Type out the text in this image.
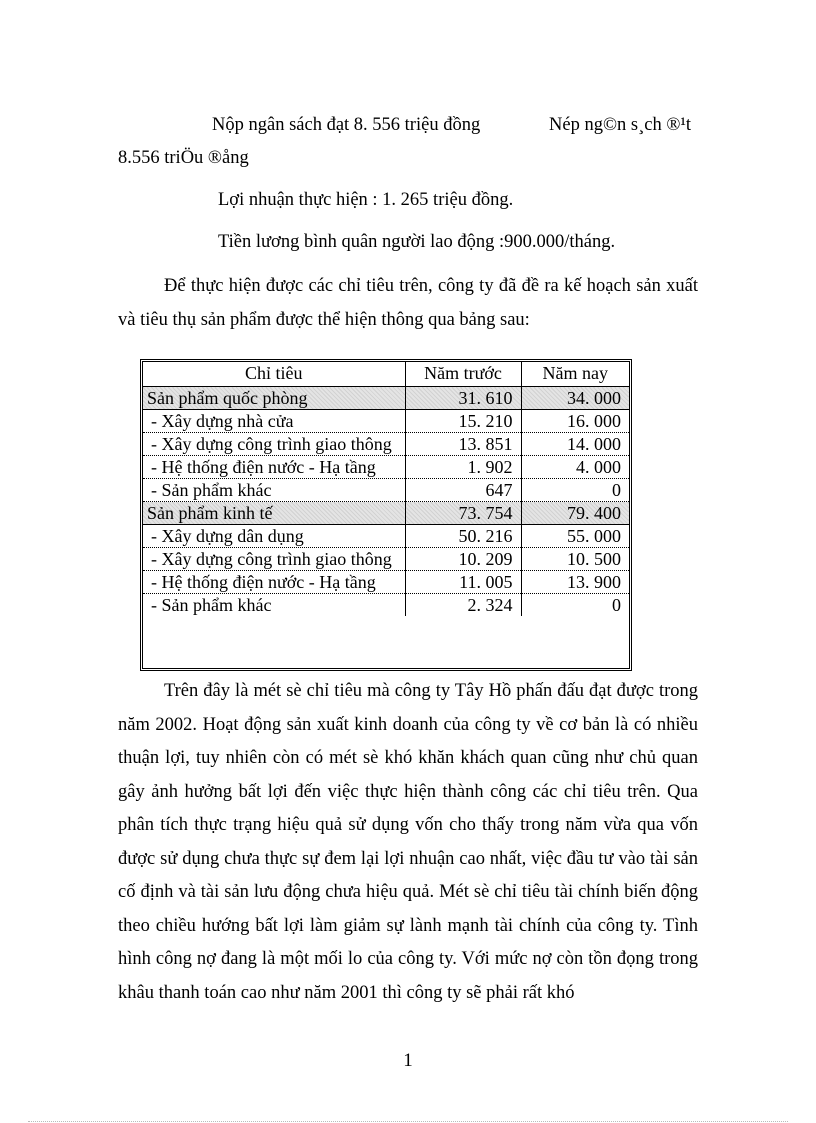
Nộp ngân sách đạt 8. 556 triệu đồng	Nép ng©n s¸ch ®¹t
8.556 triÖu ®ång
Lợi nhuận thực hiện : 1. 265 triệu đồng.
Tiền lương bình quân người lao động :900.000/tháng.

Để thực hiện được các chỉ tiêu trên, công ty đã đề ra kế hoạch sản xuất và tiêu thụ sản phẩm được thể hiện thông qua bảng sau:

Chỉ tiêu	Năm trước	Năm nay
Sản phẩm quốc phòng	31. 610	34. 000
- Xây dựng nhà cửa	15. 210	16. 000
- Xây dựng công trình giao thông	13. 851	14. 000
- Hệ thống điện nước - Hạ tầng	1. 902	4. 000
- Sản phẩm khác	647	0
Sản phẩm kinh tế	73. 754	79. 400
- Xây dựng dân dụng	50. 216	55. 000
- Xây dựng công trình giao thông	10. 209	10. 500
- Hệ thống điện nước - Hạ tầng	11. 005	13. 900
- Sản phẩm khác	2. 324	0

Trên đây là mét sè chỉ tiêu mà công ty Tây Hồ phấn đấu đạt được trong năm 2002. Hoạt động sản xuất kinh doanh của công ty về cơ bản là có nhiều thuận lợi, tuy nhiên còn có mét sè khó khăn khách quan cũng như chủ quan gây ảnh hưởng bất lợi đến việc thực hiện thành công các chỉ tiêu trên. Qua phân tích thực trạng hiệu quả sử dụng vốn cho thấy trong năm vừa qua vốn được sử dụng chưa thực sự đem lại lợi nhuận cao nhất, việc đầu tư vào tài sản cố định và tài sản lưu động chưa hiệu quả. Mét sè chỉ tiêu tài chính biến động theo chiều hướng bất lợi làm giảm sự lành mạnh tài chính của công ty. Tình hình công nợ đang là một mối lo của công ty. Với mức nợ còn tồn đọng trong khâu thanh toán cao như năm 2001 thì công ty sẽ phải rất khó

1
